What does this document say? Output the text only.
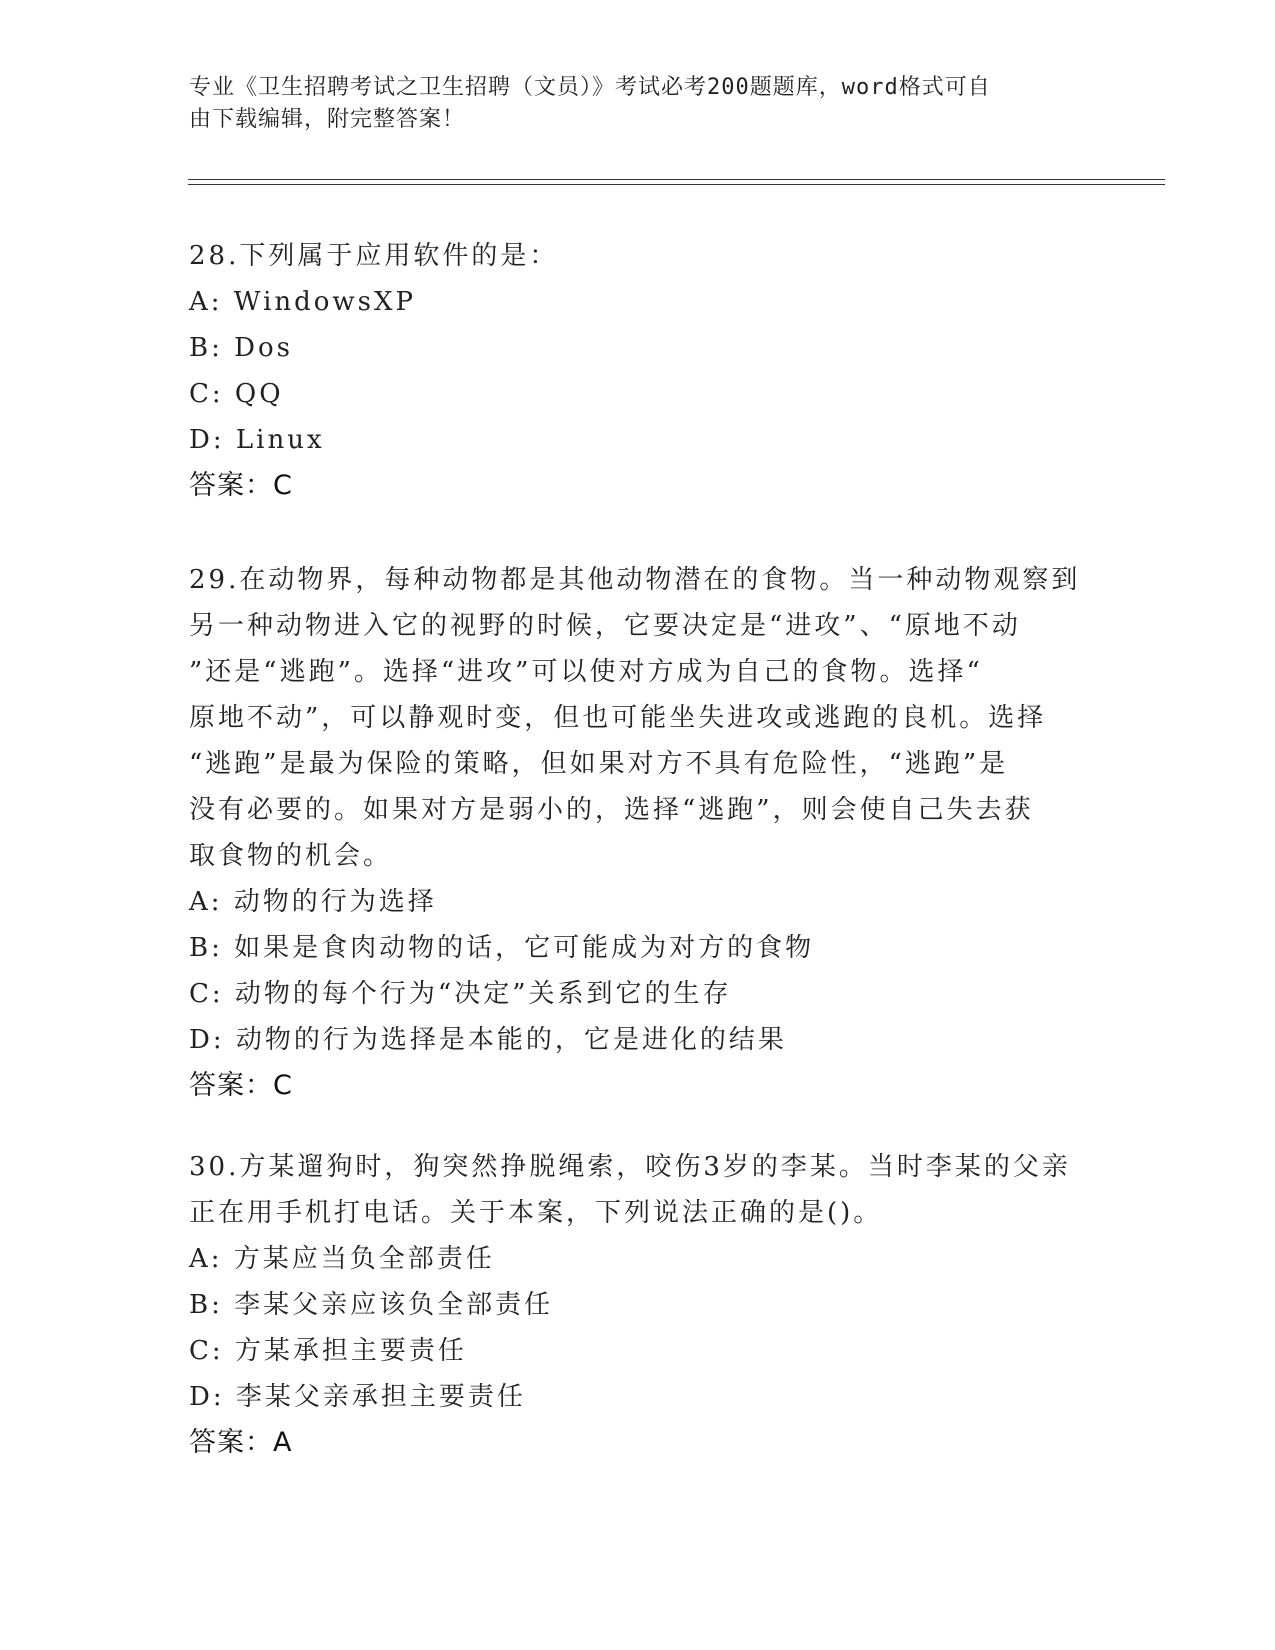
专业《卫生招聘考试之卫生招聘（文员）》考试必考200题题库，word格式可自
由下载编辑，附完整答案！
28.下列属于应用软件的是：
A: WindowsXP
B: Dos
C: QQ
D: Linux
答案：C
29.在动物界，每种动物都是其他动物潜在的食物。当一种动物观察到
另一种动物进入它的视野的时候，它要决定是“进攻”、“原地不动
”还是“逃跑”。选择“进攻”可以使对方成为自己的食物。选择“
原地不动”，可以静观时变，但也可能坐失进攻或逃跑的良机。选择
“逃跑”是最为保险的策略，但如果对方不具有危险性，“逃跑”是
没有必要的。如果对方是弱小的，选择“逃跑”，则会使自己失去获
取食物的机会。
A: 动物的行为选择
B: 如果是食肉动物的话，它可能成为对方的食物
C: 动物的每个行为“决定”关系到它的生存
D: 动物的行为选择是本能的，它是进化的结果
答案：C
30.方某遛狗时，狗突然挣脱绳索，咬伤3岁的李某。当时李某的父亲
正在用手机打电话。关于本案，下列说法正确的是()。
A: 方某应当负全部责任
B: 李某父亲应该负全部责任
C: 方某承担主要责任
D: 李某父亲承担主要责任
答案：A
